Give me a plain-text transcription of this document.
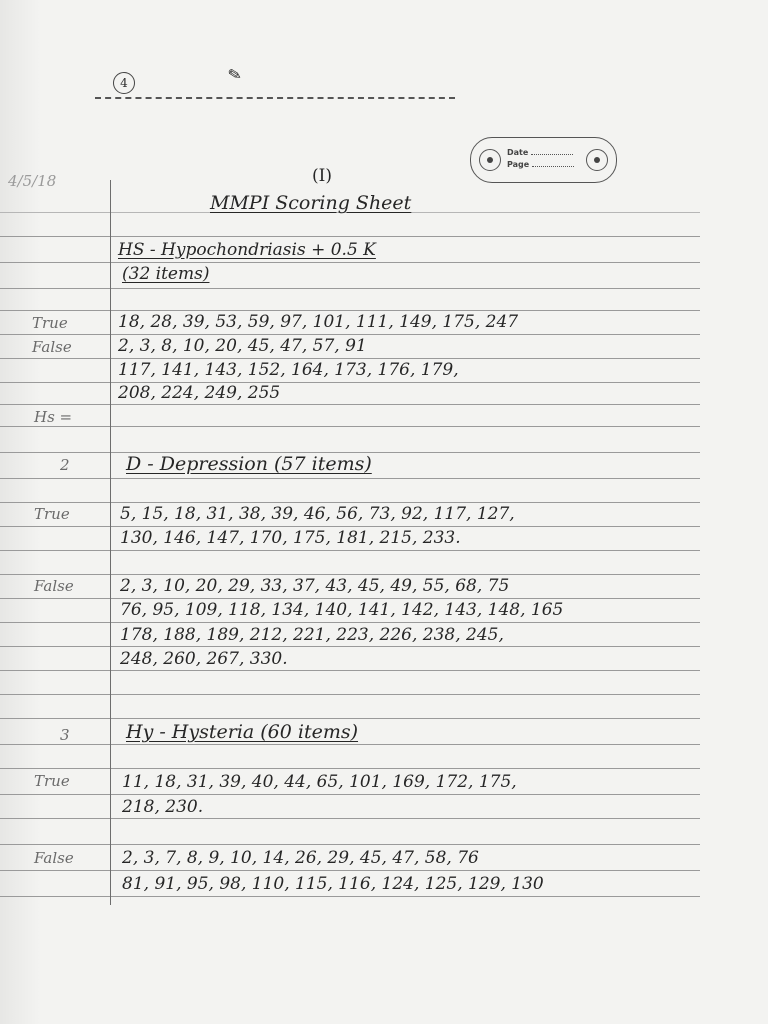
4	✎
Date
Page
4/5/18	(I)
MMPI Scoring Sheet
HS - Hypochondriasis + 0.5 K
(32 items)
True	18, 28, 39, 53, 59, 97, 101, 111, 149, 175, 247
False	2, 3, 8, 10, 20, 45, 47, 57, 91
117, 141, 143, 152, 164, 173, 176, 179,
208, 224, 249, 255
Hs =
2	D - Depression (57 items)
True	5, 15, 18, 31, 38, 39, 46, 56, 73, 92, 117, 127,
130, 146, 147, 170, 175, 181, 215, 233.
False	2, 3, 10, 20, 29, 33, 37, 43, 45, 49, 55, 68, 75
76, 95, 109, 118, 134, 140, 141, 142, 143, 148, 165
178, 188, 189, 212, 221, 223, 226, 238, 245,
248, 260, 267, 330.
3	Hy - Hysteria (60 items)
True	11, 18, 31, 39, 40, 44, 65, 101, 169, 172, 175,
218, 230.
False	2, 3, 7, 8, 9, 10, 14, 26, 29, 45, 47, 58, 76
81, 91, 95, 98, 110, 115, 116, 124, 125, 129, 130
